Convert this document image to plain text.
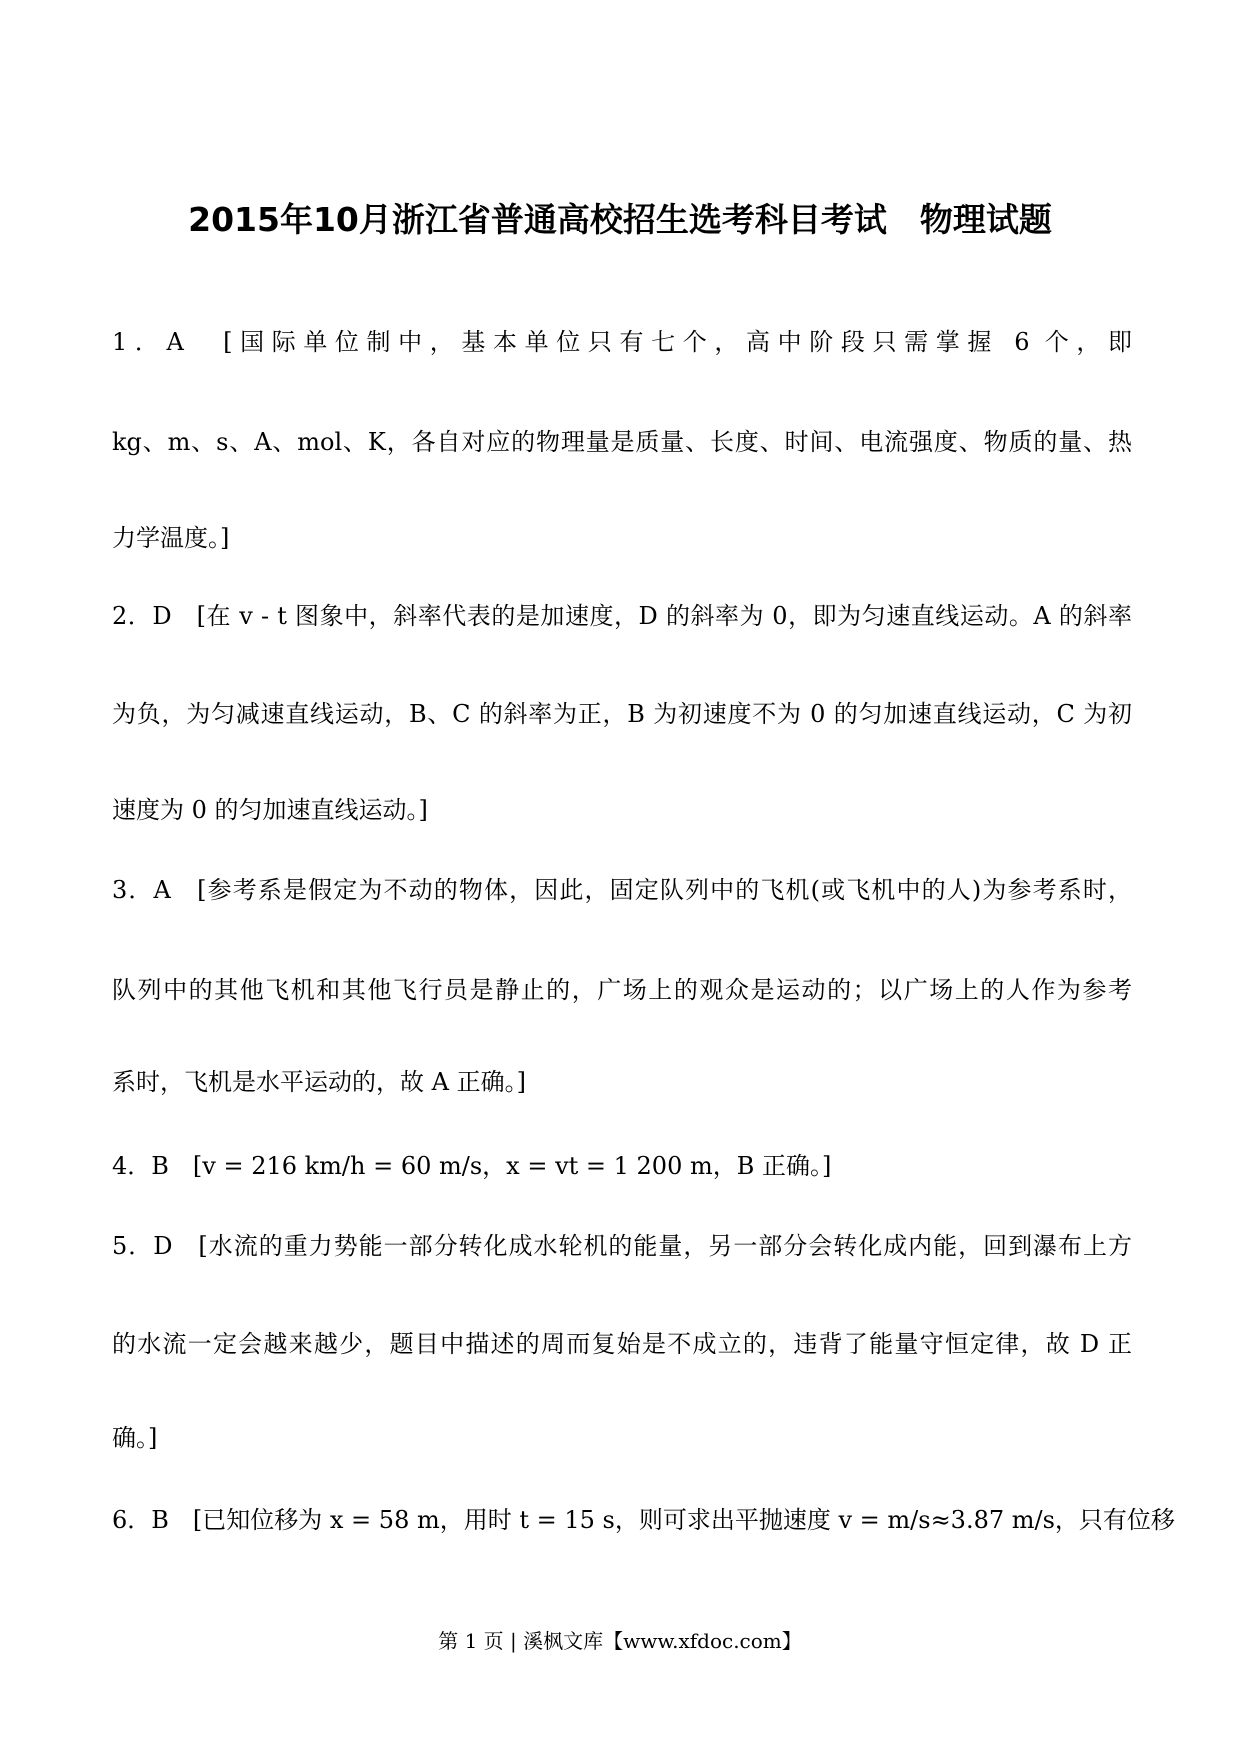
2015年10月浙江省普通高校招生选考科目考试　物理试题
1．A　[国际单位制中，基本单位只有七个，高中阶段只需掌握 6 个，即
kg、m、s、A、mol、K，各自对应的物理量是质量、长度、时间、电流强度、物质的量、热
力学温度。]
2．D　[在 v - t 图象中，斜率代表的是加速度，D 的斜率为 0，即为匀速直线运动。A 的斜率
为负，为匀减速直线运动，B、C 的斜率为正，B 为初速度不为 0 的匀加速直线运动，C 为初
速度为 0 的匀加速直线运动。]
3．A　[参考系是假定为不动的物体，因此，固定队列中的飞机(或飞机中的人)为参考系时，
队列中的其他飞机和其他飞行员是静止的，广场上的观众是运动的；以广场上的人作为参考
系时，飞机是水平运动的，故 A 正确。]
4．B　[v = 216 km/h = 60 m/s，x = vt = 1 200 m，B 正确。]
5．D　[水流的重力势能一部分转化成水轮机的能量，另一部分会转化成内能，回到瀑布上方
的水流一定会越来越少，题目中描述的周而复始是不成立的，违背了能量守恒定律，故 D 正
确。]
6．B　[已知位移为 x = 58 m，用时 t = 15 s，则可求出平抛速度 v = m/s≈3.87 m/s，只有位移
第 1 页 | 溪枫文库【www.xfdoc.com】
